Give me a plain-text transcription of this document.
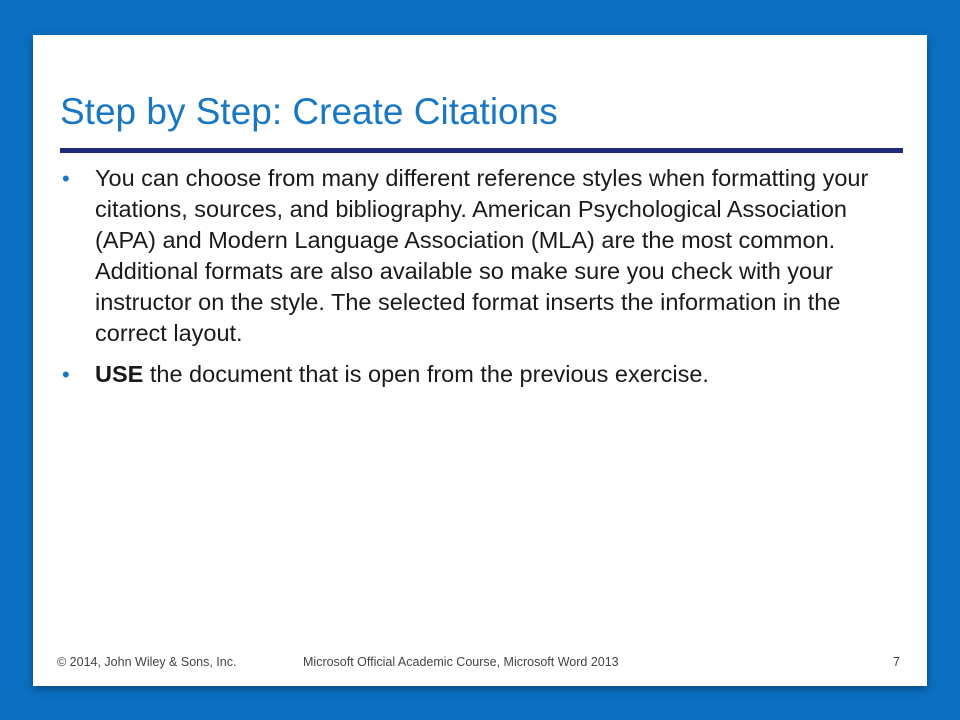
Step by Step: Create Citations
• You can choose from many different reference styles when formatting your citations, sources, and bibliography. American Psychological Association (APA) and Modern Language Association (MLA) are the most common. Additional formats are also available so make sure you check with your instructor on the style. The selected format inserts the information in the correct layout.
• USE the document that is open from the previous exercise.
© 2014, John Wiley & Sons, Inc.	Microsoft Official Academic Course, Microsoft Word 2013	7
